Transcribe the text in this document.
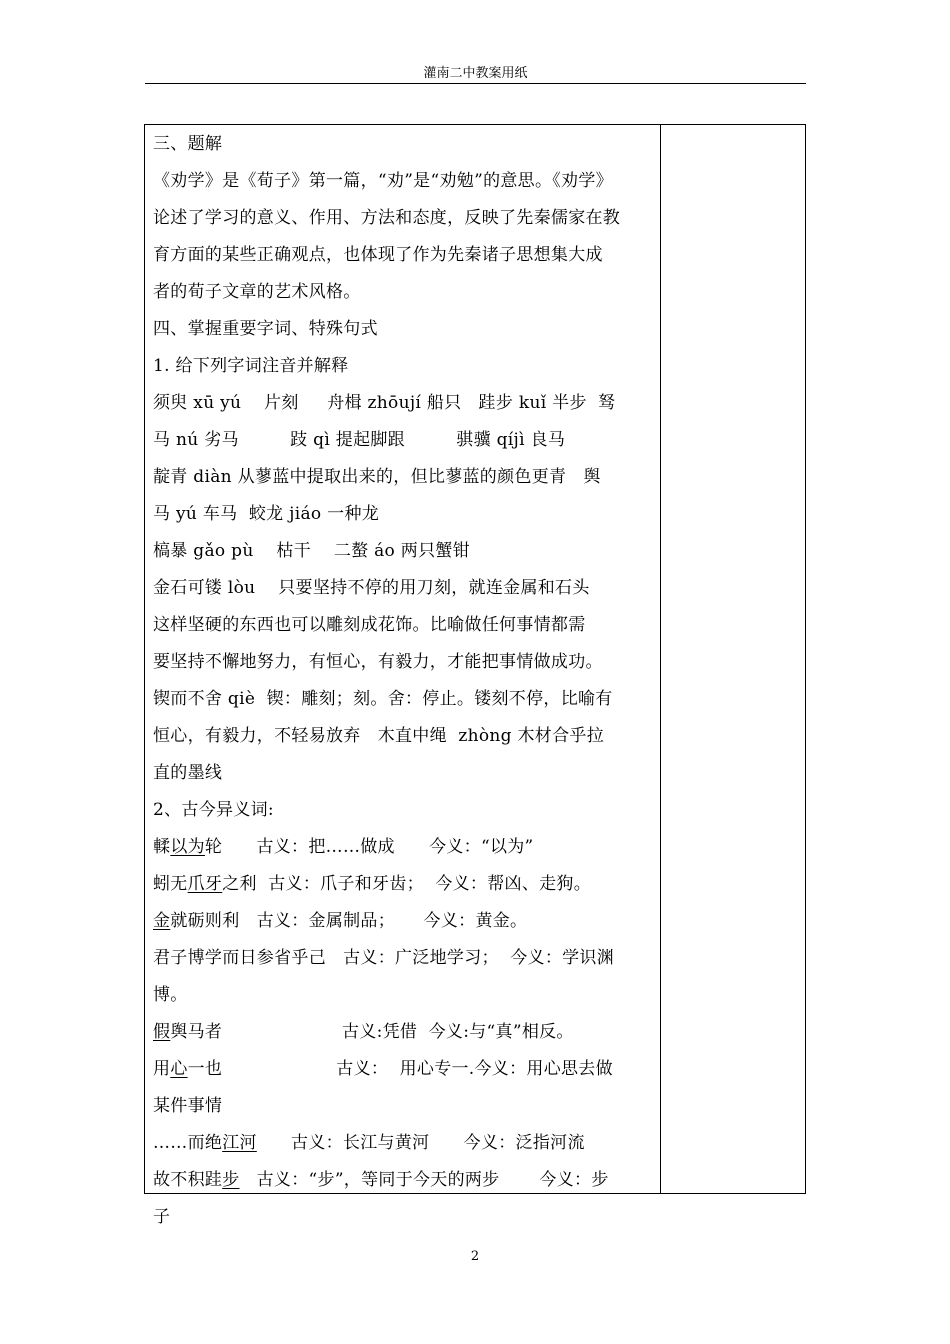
灌南二中教案用纸
三、题解
《劝学》是《荀子》第一篇，“劝”是“劝勉”的意思。《劝学》
论述了学习的意义、作用、方法和态度，反映了先秦儒家在教
育方面的某些正确观点，也体现了作为先秦诸子思想集大成
者的荀子文章的艺术风格。
四、掌握重要字词、特殊句式
1. 给下列字词注音并解释
须臾 xū yú    片刻     舟楫 zhōují 船只   跬步 kuǐ 半步  驽
马 nú 劣马         跂 qì 提起脚跟         骐骥 qíjì 良马
靛青 diàn 从蓼蓝中提取出来的，但比蓼蓝的颜色更青   舆
马 yú 车马  蛟龙 jiáo 一种龙
槁暴 gǎo pù    枯干    二螯 áo 两只蟹钳
金石可镂 lòu    只要坚持不停的用刀刻，就连金属和石头
这样坚硬的东西也可以雕刻成花饰。比喻做任何事情都需
要坚持不懈地努力，有恒心，有毅力，才能把事情做成功。
锲而不舍 qiè  锲：雕刻；刻。舍：停止。镂刻不停，比喻有
恒心，有毅力，不轻易放弃   木直中绳  zhòng 木材合乎拉
直的墨线
2、古今异义词:
輮以为轮      古义：把……做成      今义：“以为”
蚓无爪牙之利  古义：爪子和牙齿；  今义：帮凶、走狗。
金就砺则利   古义：金属制品；     今义：黄金。
君子博学而日参省乎己   古义：广泛地学习；  今义：学识渊
博。
假舆马者                     古义:凭借  今义:与“真”相反。
用心一也                    古义：  用心专一.今义：用心思去做
某件事情
……而绝江河      古义：长江与黄河      今义：泛指河流
故不积跬步   古义：“步”，等同于今天的两步       今义：步
子
2
